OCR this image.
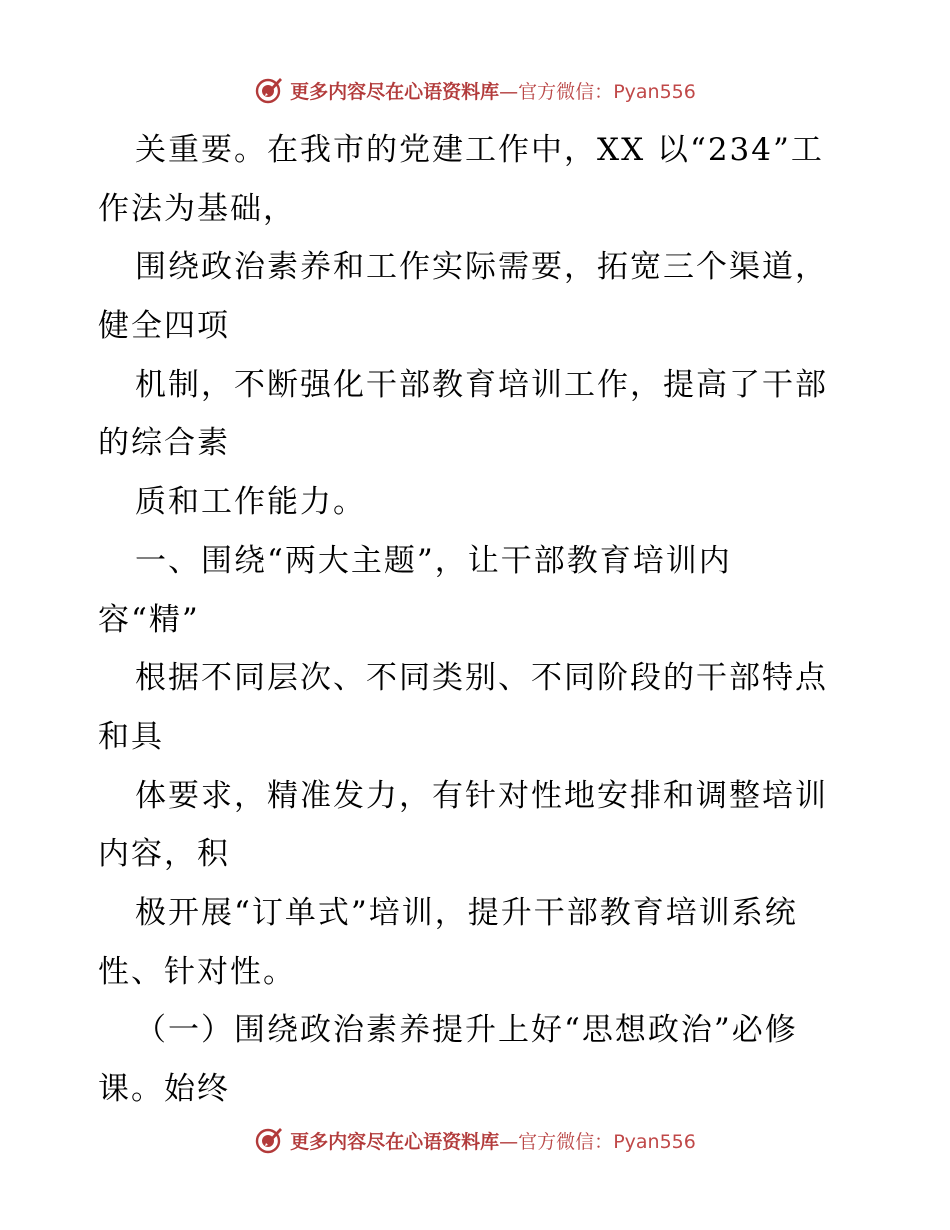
更多内容尽在心语资料库—官方微信：Pyan556
关重要。在我市的党建工作中，XX 以“234”工
作法为基础，
围绕政治素养和工作实际需要，拓宽三个渠道，
健全四项
机制，不断强化干部教育培训工作，提高了干部
的综合素
质和工作能力。
一、围绕“两大主题”，让干部教育培训内
容“精”
根据不同层次、不同类别、不同阶段的干部特点
和具
体要求，精准发力，有针对性地安排和调整培训
内容，积
极开展“订单式”培训，提升干部教育培训系统
性、针对性。
（一）围绕政治素养提升上好“思想政治”必修
课。始终
更多内容尽在心语资料库—官方微信：Pyan556
